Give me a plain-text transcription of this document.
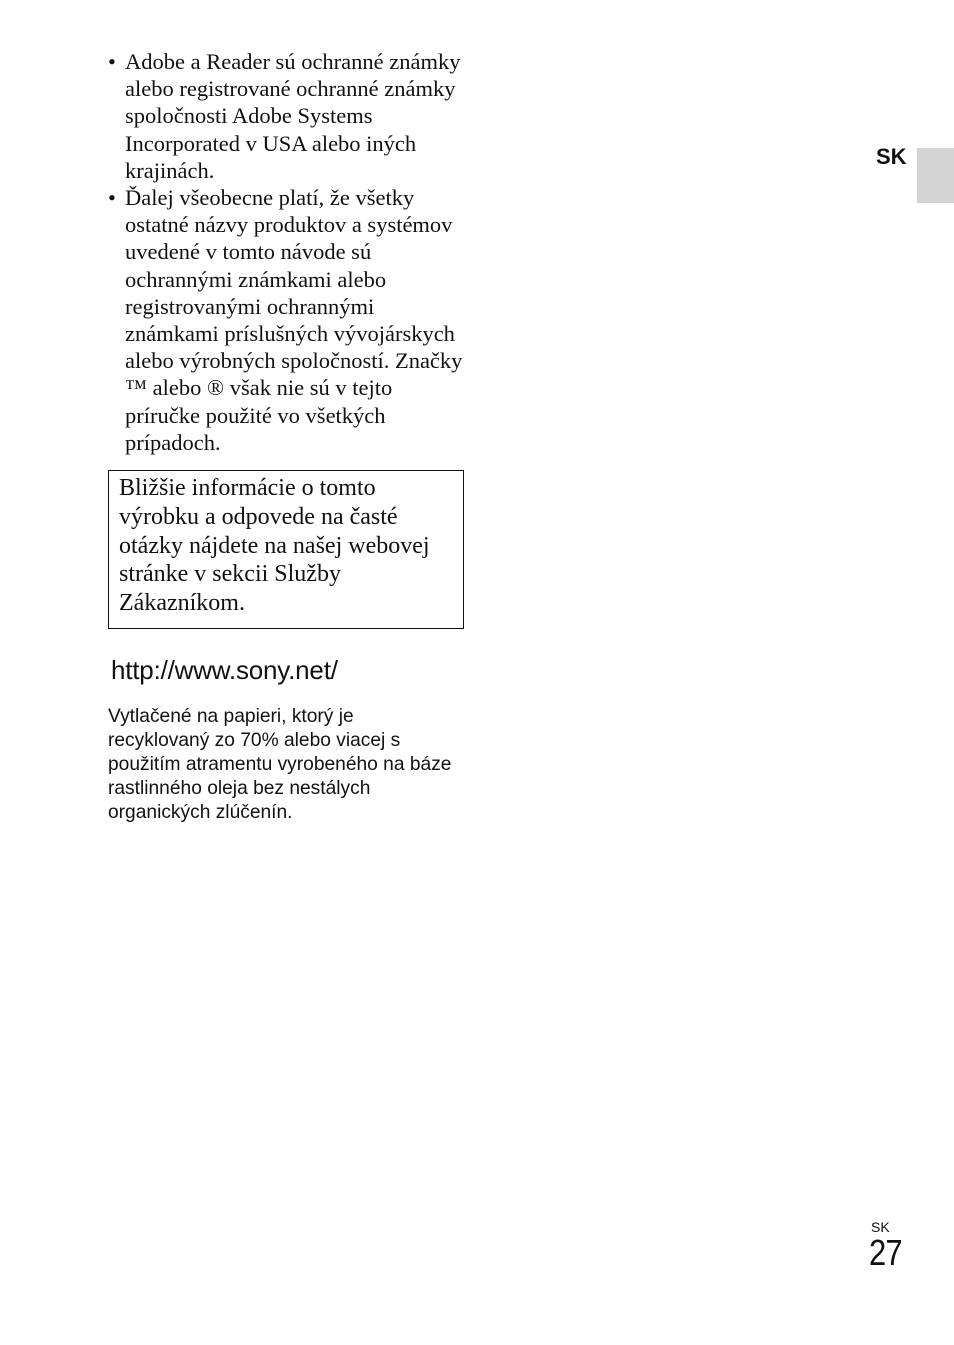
• Adobe a Reader sú ochranné známky alebo registrované ochranné známky spoločnosti Adobe Systems Incorporated v USA alebo iných krajinách.
• Ďalej všeobecne platí, že všetky ostatné názvy produktov a systémov uvedené v tomto návode sú ochrannými známkami alebo registrovanými ochrannými známkami príslušných vývojárskych alebo výrobných spoločností. Značky ™ alebo ® však nie sú v tejto príručke použité vo všetkých prípadoch.
Bližšie informácie o tomto výrobku a odpovede na časté otázky nájdete na našej webovej stránke v sekcii Služby Zákazníkom.
http://www.sony.net/
Vytlačené na papieri, ktorý je recyklovaný zo 70% alebo viacej s použitím atramentu vyrobeného na báze rastlinného oleja bez nestálych organických zlúčenín.
SK
SK
27
